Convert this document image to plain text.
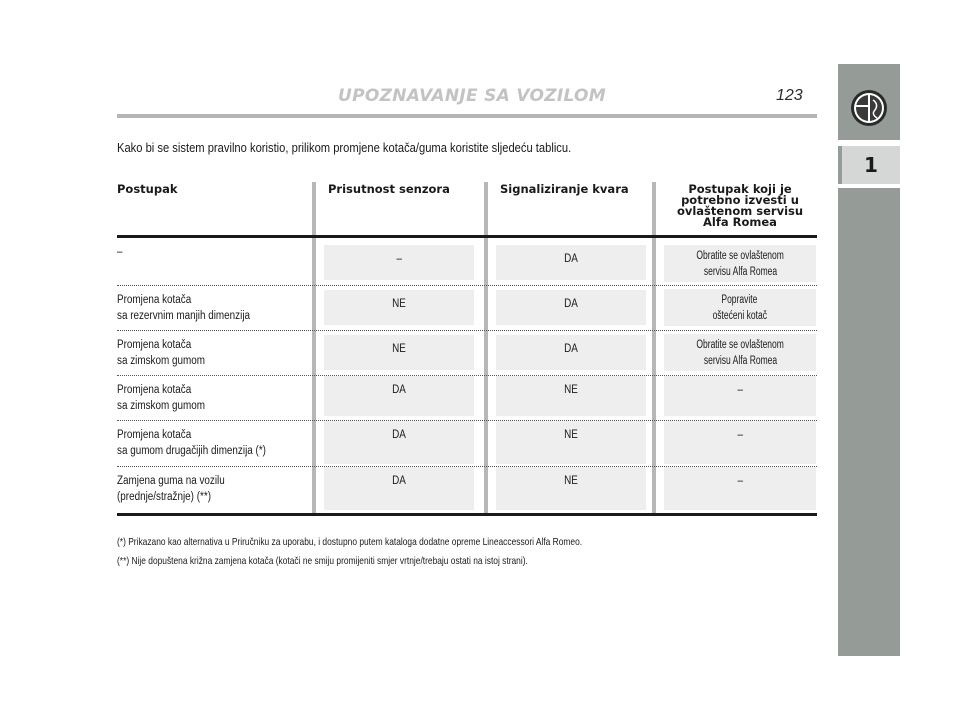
UPOZNAVANJE SA VOZILOM	123
1
Kako bi se sistem pravilno koristio, prilikom promjene kotača/guma koristite sljedeću tablicu.
Postupak	Prisutnost senzora	Signaliziranje kvara	Postupak koji je
potrebno izvesti u
ovlaštenom servisu
Alfa Romea
–
–	DA	Obratite se ovlaštenom
servisu Alfa Romea
Promjena kotača
sa rezervnim manjih dimenzija
NE	DA	Popravite
oštećeni kotač
Promjena kotača
sa zimskom gumom
NE	DA	Obratite se ovlaštenom
servisu Alfa Romea
Promjena kotača
sa zimskom gumom
DA	NE	–
Promjena kotača
sa gumom drugačijih dimenzija (*)
DA	NE	–
Zamjena guma na vozilu
(prednje/stražnje) (**)
DA	NE	–
(*) Prikazano kao alternativa u Priručniku za uporabu, i dostupno putem kataloga dodatne opreme Lineaccessori Alfa Romeo.
(**) Nije dopuštena križna zamjena kotača (kotači ne smiju promijeniti smjer vrtnje/trebaju ostati na istoj strani).
